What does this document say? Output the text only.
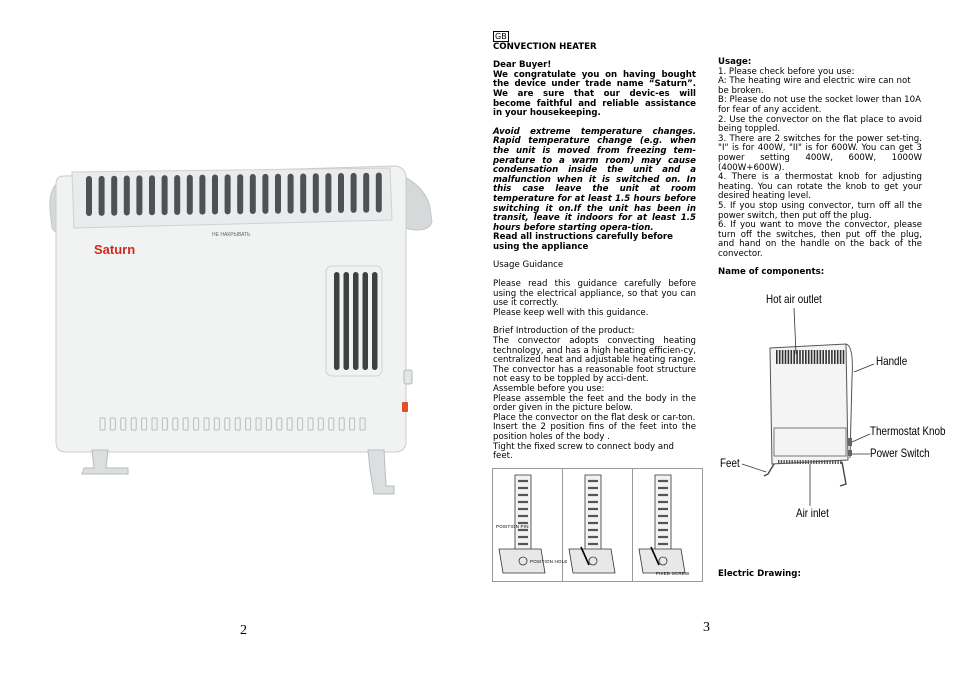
Saturn
НЕ НАКРЫВАТЬ
2

GB

CONVECTION HEATER

Dear Buyer!

We congratulate you on having bought the device under trade name “Saturn”. We are sure that our devic-es will become faithful and reliable assistance in your housekeeping.

Avoid extreme temperature changes. Rapid temperature change (e.g. when the unit is moved from freezing tem-perature to a warm room) may cause condensation inside the unit and a malfunction when it is switched on. In this case leave the unit at room temperature for at least 1.5 hours before switching it on.If the unit has been in transit, leave it indoors for at least 1.5 hours before starting opera-tion.

Read all instructions carefully before using the appliance

Usage Guidance

Please read this guidance carefully before using the electrical appliance, so that you can use it correctly.

Please keep well with this guidance.

Brief Introduction of the product:

The convector adopts convecting heating technology, and has a high heating efficien-cy, centralized heat and adjustable heating range. The convector has a reasonable foot structure not easy to be toppled by acci-dent.

Assemble before you use:

Please assemble the feet and the body in the order given in the picture below.

Place the convector on the flat desk or car-ton.

Insert the 2 position fins of the feet into the position holes of the body .

Tight the fixed screw to connect body and feet.

POSITION PIN
POSITION HOLE
FIXED SCREW

Usage:

1. Please check before you use:

A: The heating wire and electric wire can not be broken.

B: Please do not use the socket lower than 10A for fear of any accident.

2. Use the convector on the flat place to avoid being toppled.

3. There are 2 switches for the power set-ting. "I" is for 400W, "II" is for 600W. You can get 3 power setting 400W, 600W, 1000W (400W+600W).

4. There is a thermostat knob for adjusting heating. You can rotate the knob to get your desired heating level.

5. If you stop using convector, turn off all the power switch, then put off the plug.

6. If you want to move the convector, please turn off the switches, then put off the plug, and hand on the handle on the back of the convector.

Name of components:

Hot air outlet
Handle
Thermostat Knob
Power Switch
Feet
Air inlet
Electric Drawing:
3
